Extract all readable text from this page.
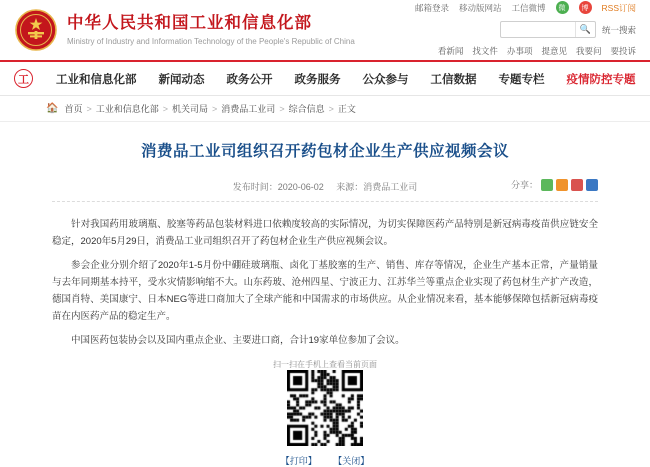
中华人民共和国工业和信息化部
Ministry of Industry and Information Technology of the People's Republic of China
邮箱登录 移动版网站 工信微博	微	博	RSS订阅
🔍	统一搜索
看新闻 找文件 办事项 提意见 我要问 要投诉
工	工业和信息化部	新闻动态	政务公开	政务服务	公众参与	工信数据	专题专栏	疫情防控专题
🏠 首页 > 工业和信息化部 > 机关司局 > 消费品工业司 > 综合信息 > 正文
消费品工业司组织召开药包材企业生产供应视频会议
发布时间：2020-06-02 来源：消费品工业司	分享：

针对我国药用玻璃瓶、胶塞等药品包装材料进口依赖度较高的实际情况，为切实保障医药产品特别是新冠病毒疫苗供应链安全稳定，2020年5月29日，消费品工业司组织召开了药包材企业生产供应视频会议。

参会企业分别介绍了2020年1-5月份中硼硅玻璃瓶、卤化丁基胶塞的生产、销售、库存等情况，企业生产基本正常，产量销量与去年同期基本持平，受水灾情影响缩不大。山东药玻、沧州四星、宁波正力、江苏华兰等重点企业实现了药包材生产扩产改造，德国肖特、美国康宁、日本NEG等进口商加大了全球产能和中国需求的市场供应。从企业情况来看，基本能够保障包括新冠病毒疫苗在内医药产品的稳定生产。

中国医药包装协会以及国内重点企业、主要进口商，合计19家单位参加了会议。

扫一扫在手机上查看当前页面
【打印】 【关闭】
